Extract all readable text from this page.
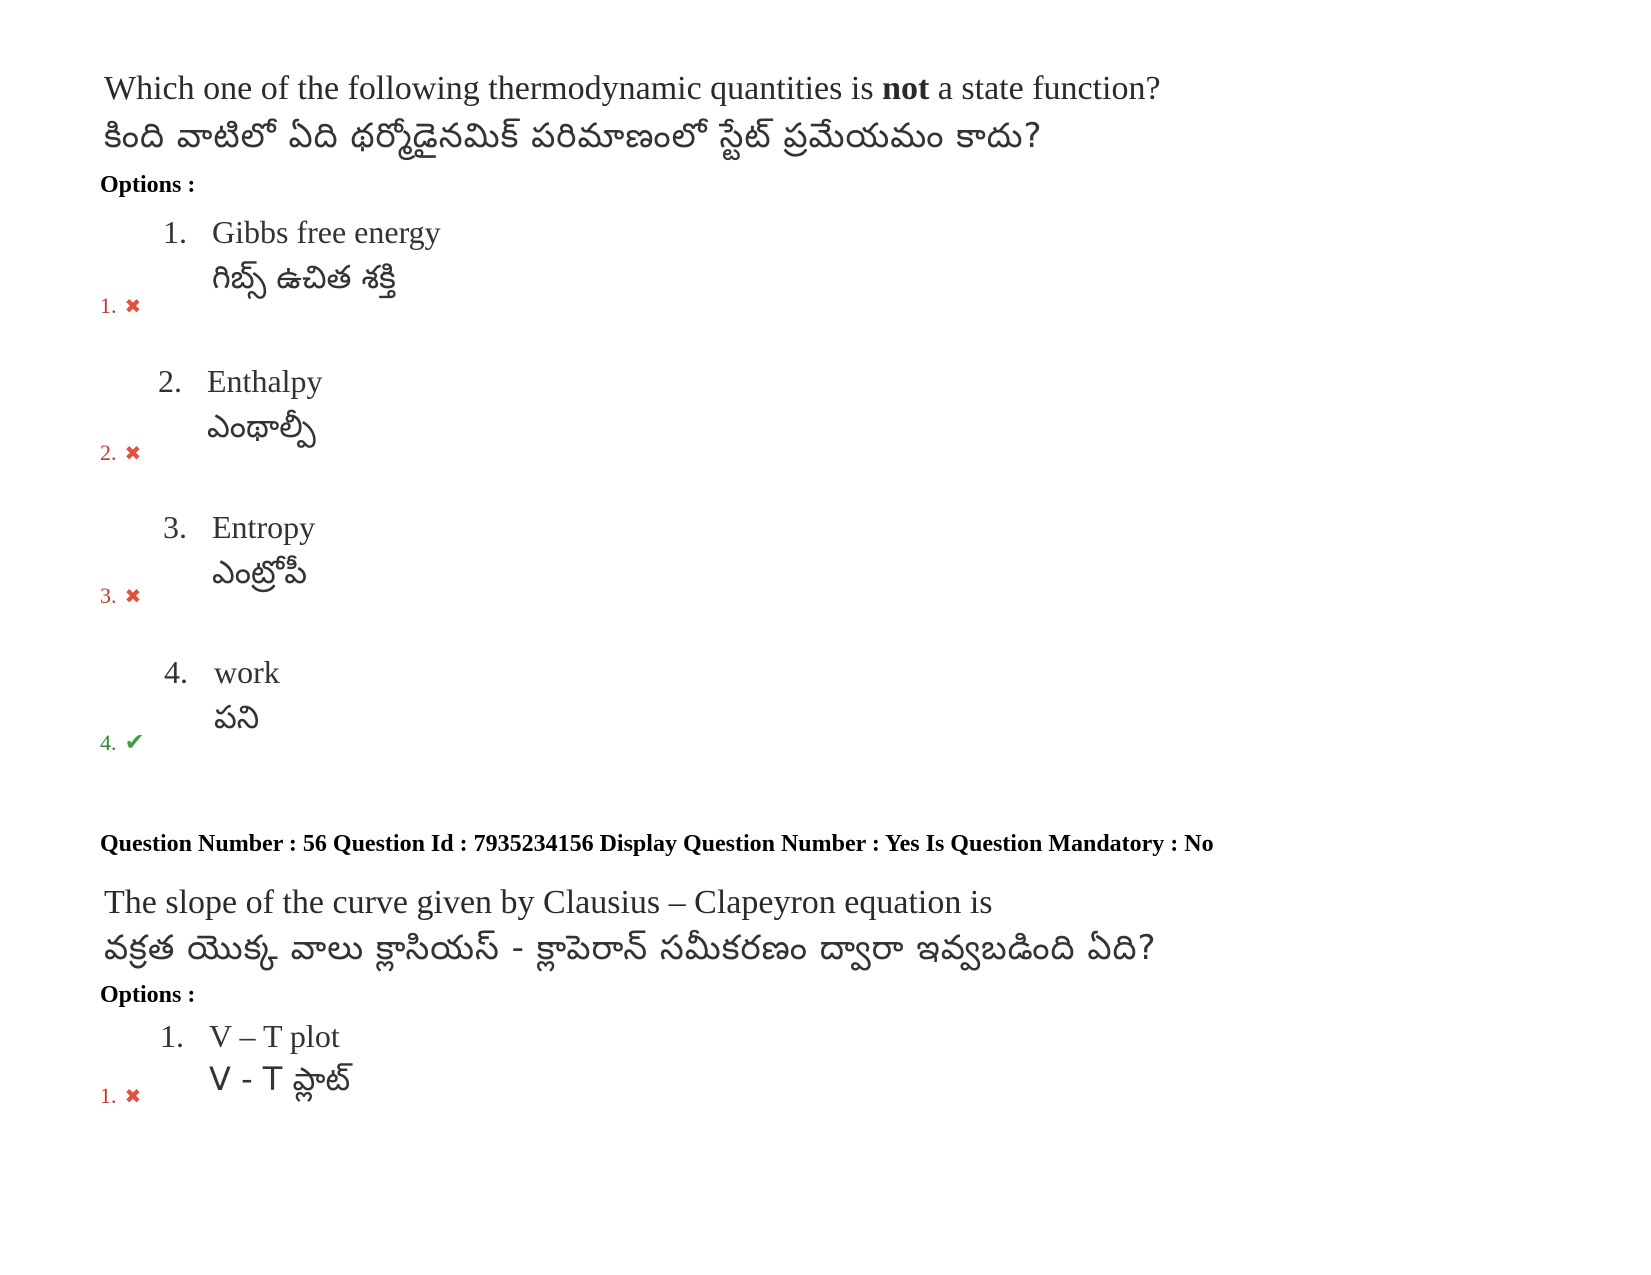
Which one of the following thermodynamic quantities is not a state function?
కింది వాటిలో ఏది థర్మోడైనమిక్ పరిమాణంలో స్టేట్ ప్రమేయమం కాదు?
Options :
1. Gibbs free energy
గిబ్స్ ఉచిత శక్తి
1. ✖
2. Enthalpy
ఎంథాల్పీ
2. ✖
3. Entropy
ఎంట్రోపీ
3. ✖
4. work
పని
4. ✔
Question Number : 56 Question Id : 7935234156 Display Question Number : Yes Is Question Mandatory : No
The slope of the curve given by Clausius – Clapeyron equation is
వక్రత యొక్క వాలు క్లాసియస్ - క్లాపెరాన్ సమీకరణం ద్వారా ఇవ్వబడింది ఏది?
Options :
1. V – T plot
V - T ప్లాట్
1. ✖
